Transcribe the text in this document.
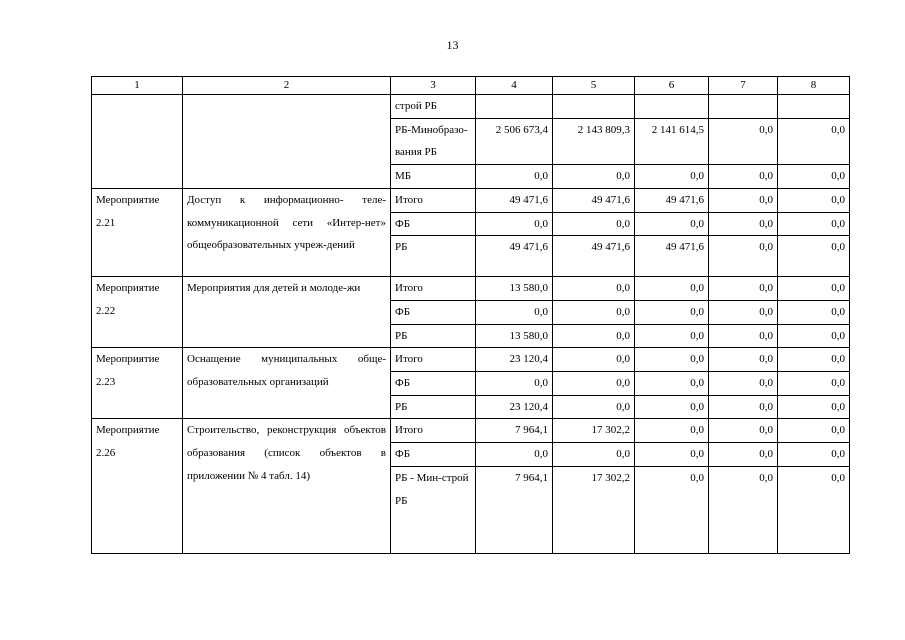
13
1	2	3	4	5	6	7	8
		строй РБ					
		РБ-Минобразо-вания РБ	2 506 673,4	2 143 809,3	2 141 614,5	0,0	0,0
		МБ	0,0	0,0	0,0	0,0	0,0
Мероприятие 2.21	Доступ к информационно- теле-коммуникационной сети «Интер-нет» общеобразовательных учреж-дений	Итого	49 471,6	49 471,6	49 471,6	0,0	0,0
		ФБ	0,0	0,0	0,0	0,0	0,0
		РБ	49 471,6	49 471,6	49 471,6	0,0	0,0
Мероприятие 2.22	Мероприятия для детей и молоде-жи	Итого	13 580,0	0,0	0,0	0,0	0,0
		ФБ	0,0	0,0	0,0	0,0	0,0
		РБ	13 580,0	0,0	0,0	0,0	0,0
Мероприятие 2.23	Оснащение муниципальных обще-образовательных организаций	Итого	23 120,4	0,0	0,0	0,0	0,0
		ФБ	0,0	0,0	0,0	0,0	0,0
		РБ	23 120,4	0,0	0,0	0,0	0,0
Мероприятие 2.26	Строительство, реконструкция объектов образования (список объектов в приложении № 4 табл. 14)	Итого	7 964,1	17 302,2	0,0	0,0	0,0
		ФБ	0,0	0,0	0,0	0,0	0,0
		РБ - Мин-строй РБ	7 964,1	17 302,2	0,0	0,0	0,0
